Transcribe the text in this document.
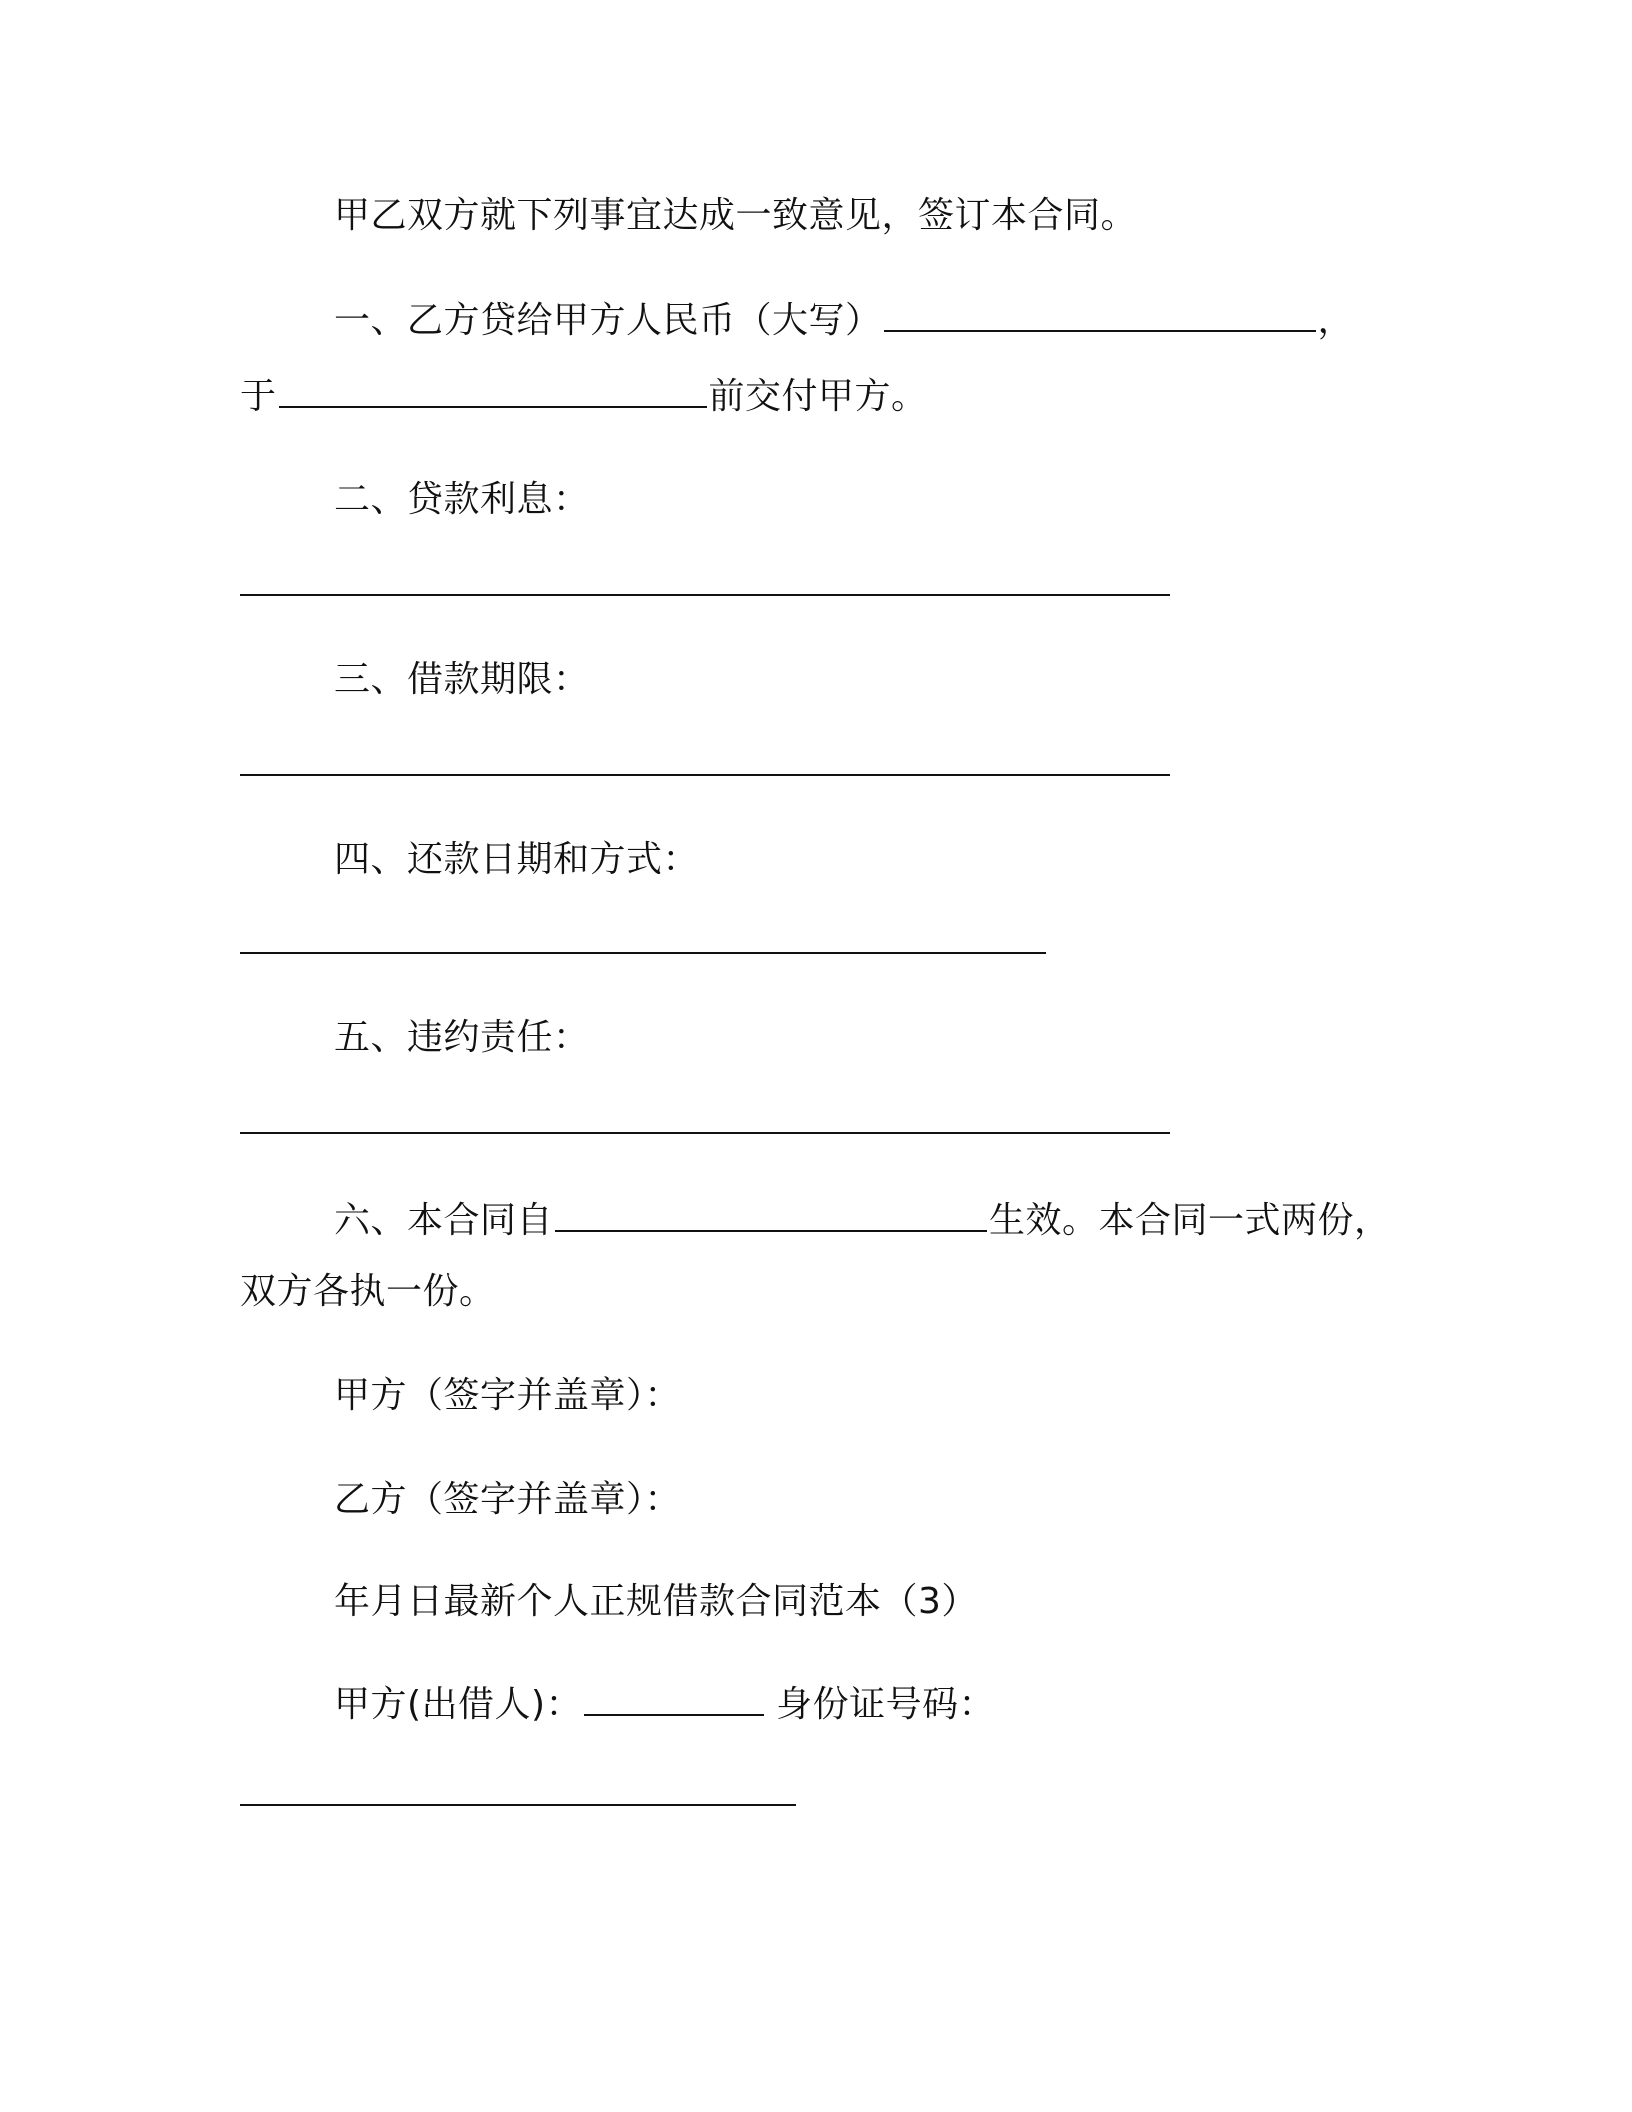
甲乙双方就下列事宜达成一致意见，签订本合同。
一、乙方贷给甲方人民币（大写）	，
于	前交付甲方。
二、贷款利息：
三、借款期限：
四、还款日期和方式：
五、违约责任：
六、本合同自	生效。本合同一式两份，
双方各执一份。
甲方（签字并盖章）：
乙方（签字并盖章）：
年月日最新个人正规借款合同范本（3）
甲方(出借人)：	身份证号码：
